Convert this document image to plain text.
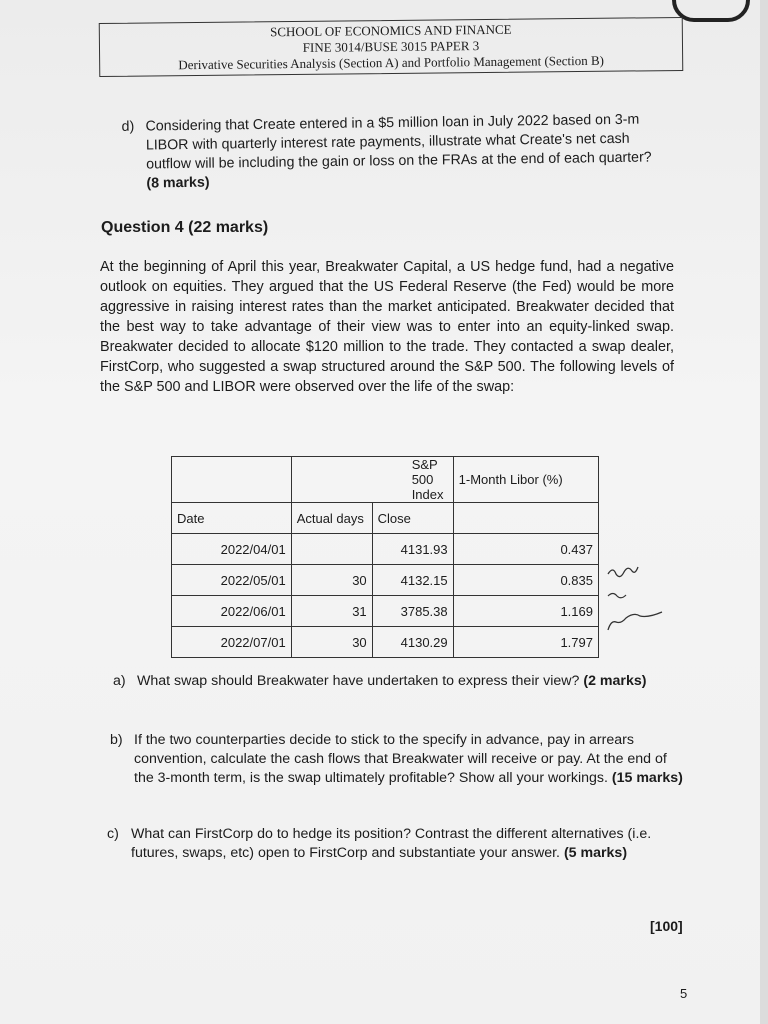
SCHOOL OF ECONOMICS AND FINANCE
FINE 3014/BUSE 3015 PAPER 3
Derivative Securities Analysis (Section A) and Portfolio Management (Section B)
d) Considering that Create entered in a $5 million loan in July 2022 based on 3-m LIBOR with quarterly interest rate payments, illustrate what Create's net cash outflow will be including the gain or loss on the FRAs at the end of each quarter?
(8 marks)
Question 4 (22 marks)
At the beginning of April this year, Breakwater Capital, a US hedge fund, had a negative outlook on equities. They argued that the US Federal Reserve (the Fed) would be more aggressive in raising interest rates than the market anticipated. Breakwater decided that the best way to take advantage of their view was to enter into an equity-linked swap. Breakwater decided to allocate $120 million to the trade. They contacted a swap dealer, FirstCorp, who suggested a swap structured around the S&P 500. The following levels of the S&P 500 and LIBOR were observed over the life of the swap:
	S&P 500 Index		1-Month Libor (%)
Date	Actual days	Close	
2022/04/01		4131.93	0.437
2022/05/01	30	4132.15	0.835
2022/06/01	31	3785.38	1.169
2022/07/01	30	4130.29	1.797
a) What swap should Breakwater have undertaken to express their view? (2 marks)
b) If the two counterparties decide to stick to the specify in advance, pay in arrears convention, calculate the cash flows that Breakwater will receive or pay. At the end of the 3-month term, is the swap ultimately profitable? Show all your workings. (15 marks)
c) What can FirstCorp do to hedge its position? Contrast the different alternatives (i.e. futures, swaps, etc) open to FirstCorp and substantiate your answer. (5 marks)
[100]
5
